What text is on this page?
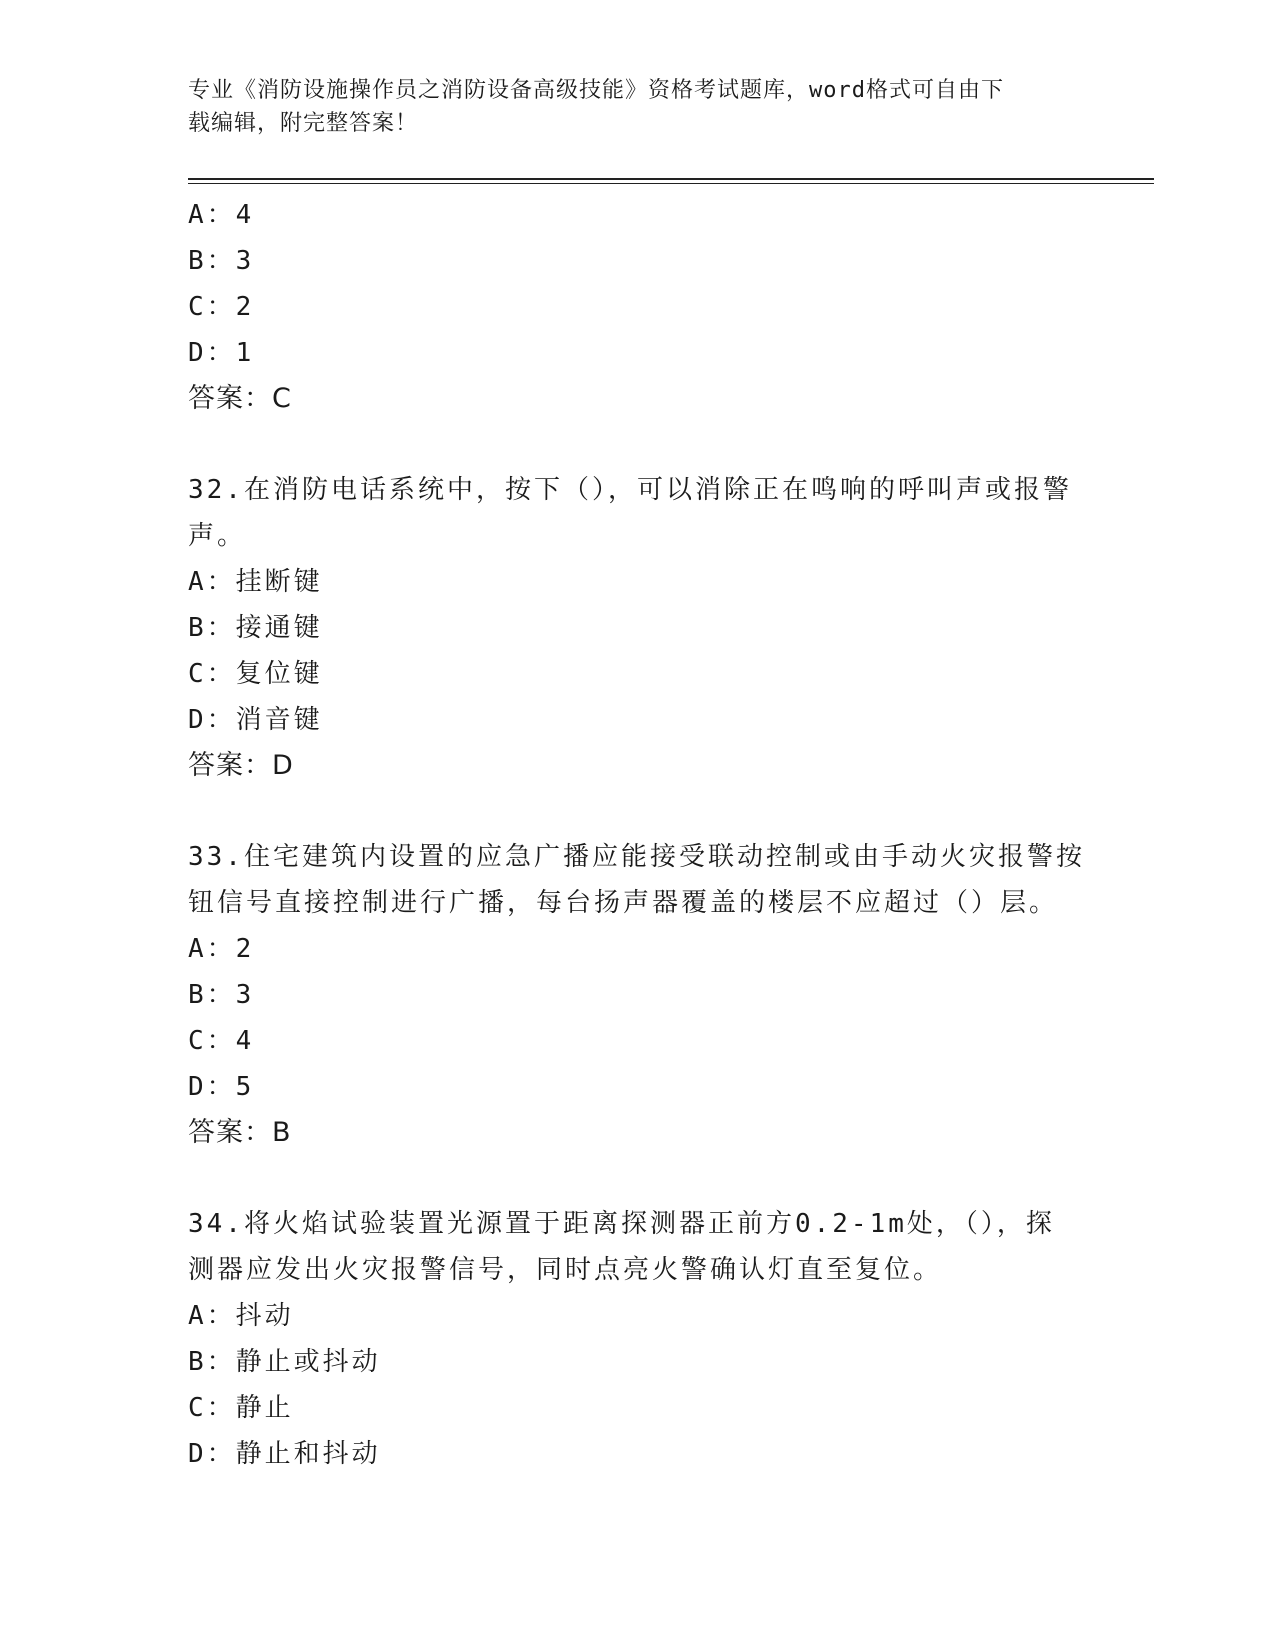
专业《消防设施操作员之消防设备高级技能》资格考试题库，word格式可自由下
载编辑，附完整答案！
A：4
B：3
C：2
D：1
答案：C
32.在消防电话系统中，按下（），可以消除正在鸣响的呼叫声或报警
声。
A：挂断键
B：接通键
C：复位键
D：消音键
答案：D
33.住宅建筑内设置的应急广播应能接受联动控制或由手动火灾报警按
钮信号直接控制进行广播，每台扬声器覆盖的楼层不应超过（）层。
A：2
B：3
C：4
D：5
答案：B
34.将火焰试验装置光源置于距离探测器正前方0.2-1m处，（），探
测器应发出火灾报警信号，同时点亮火警确认灯直至复位。
A：抖动
B：静止或抖动
C：静止
D：静止和抖动
